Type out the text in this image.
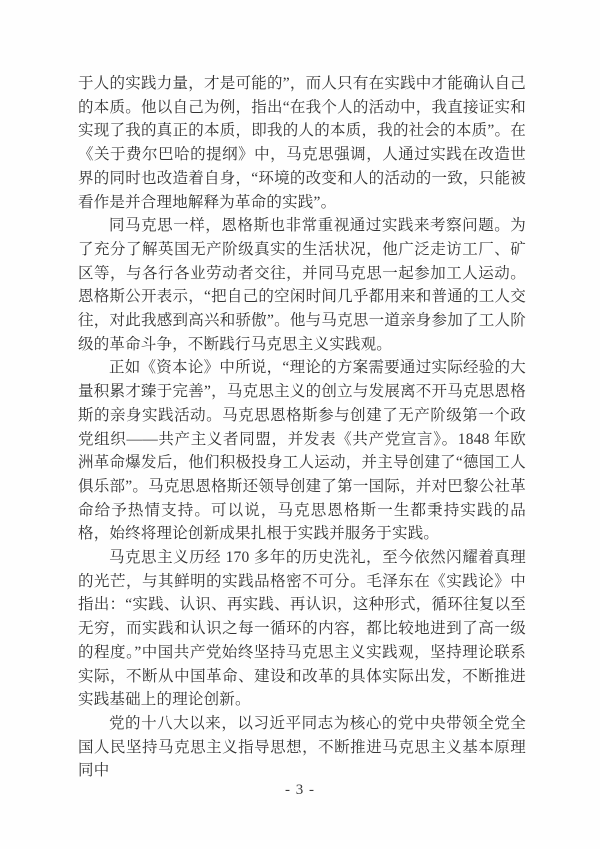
于人的实践力量，才是可能的”，而人只有在实践中才能确认自己的本质。他以自己为例，指出“在我个人的活动中，我直接证实和实现了我的真正的本质，即我的人的本质，我的社会的本质”。在《关于费尔巴哈的提纲》中，马克思强调，人通过实践在改造世界的同时也改造着自身，“环境的改变和人的活动的一致，只能被看作是并合理地解释为革命的实践”。

同马克思一样，恩格斯也非常重视通过实践来考察问题。为了充分了解英国无产阶级真实的生活状况，他广泛走访工厂、矿区等，与各行各业劳动者交往，并同马克思一起参加工人运动。恩格斯公开表示，“把自己的空闲时间几乎都用来和普通的工人交往，对此我感到高兴和骄傲”。他与马克思一道亲身参加了工人阶级的革命斗争，不断践行马克思主义实践观。

正如《资本论》中所说，“理论的方案需要通过实际经验的大量积累才臻于完善”，马克思主义的创立与发展离不开马克思恩格斯的亲身实践活动。马克思恩格斯参与创建了无产阶级第一个政党组织——共产主义者同盟，并发表《共产党宣言》。1848 年欧洲革命爆发后，他们积极投身工人运动，并主导创建了“德国工人俱乐部”。马克思恩格斯还领导创建了第一国际，并对巴黎公社革命给予热情支持。可以说，马克思恩格斯一生都秉持实践的品格，始终将理论创新成果扎根于实践并服务于实践。

马克思主义历经 170 多年的历史洗礼，至今依然闪耀着真理的光芒，与其鲜明的实践品格密不可分。毛泽东在《实践论》中指出：“实践、认识、再实践、再认识，这种形式，循环往复以至无穷，而实践和认识之每一循环的内容，都比较地进到了高一级的程度。”中国共产党始终坚持马克思主义实践观，坚持理论联系实际，不断从中国革命、建设和改革的具体实际出发，不断推进实践基础上的理论创新。

党的十八大以来，以习近平同志为核心的党中央带领全党全国人民坚持马克思主义指导思想，不断推进马克思主义基本原理同中

- 3 -
